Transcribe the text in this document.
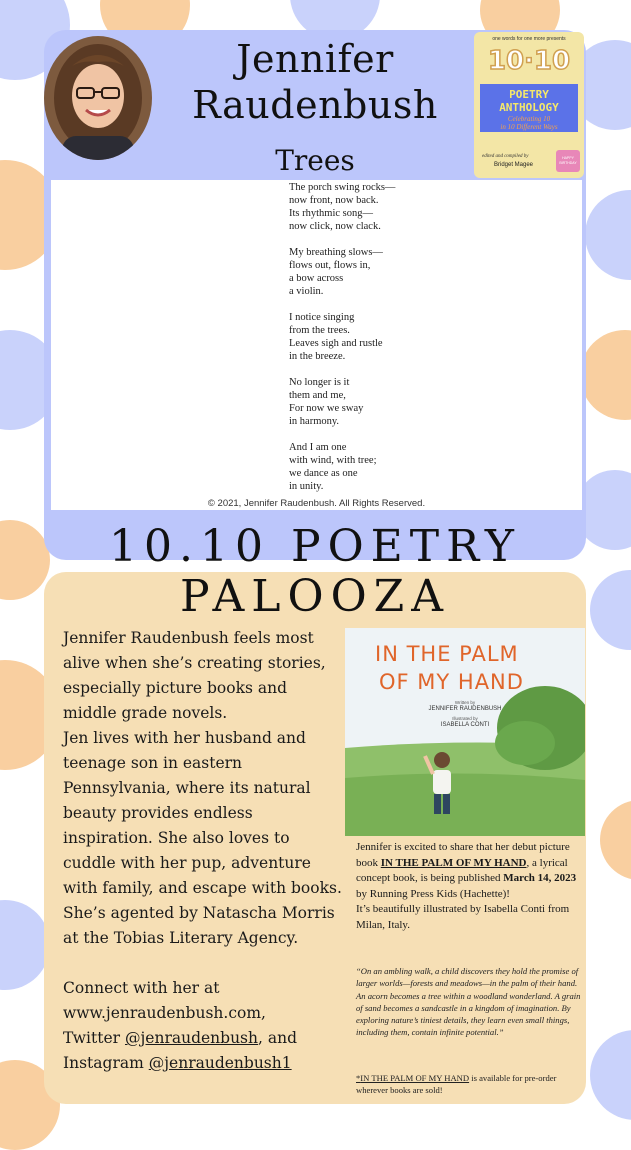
Jennifer
Raudenbush
Trees
one words for one more presents
10·10
POETRY
ANTHOLOGY
Celebrating 10
in 10 Different Ways
edited and compiled by
Bridget Magee
HAPPY BIRTHDAY
The porch swing rocks—
now front, now back.
Its rhythmic song—
now click, now clack.
My breathing slows—
flows out, flows in,
a bow across
a violin.
I notice singing
from the trees.
Leaves sigh and rustle
in the breeze.
No longer is it
them and me,
For now we sway
in harmony.
And I am one
with wind, with tree;
we dance as one
in unity.
© 2021, Jennifer Raudenbush. All Rights Reserved.
10.10 POETRY
PALOOZA

Jennifer Raudenbush feels most alive when she’s creating stories, especially picture books and middle grade novels.

Jen lives with her husband and teenage son in eastern Pennsylvania, where its natural beauty provides endless inspiration. She also loves to cuddle with her pup, adventure with family, and escape with books.

She’s agented by Natascha Morris at the Tobias Literary Agency.

Connect with her at

www.jenraudenbush.com,

Twitter @jenraudenbush, and

Instagram @jenraudenbush1

IN THE PALM
OF MY HAND
Written by
JENNIFER RAUDENBUSH
Illustrated by
ISABELLA CONTI
Jennifer is excited to share that her debut picture book IN THE PALM OF MY HAND, a lyrical concept book, is being published March 14, 2023 by Running Press Kids (Hachette)!
It’s beautifully illustrated by Isabella Conti from Milan, Italy.
“On an ambling walk, a child discovers they hold the promise of larger worlds—forests and meadows—in the palm of their hand. An acorn becomes a tree within a woodland wonderland. A grain of sand becomes a sandcastle in a kingdom of imagination. By exploring nature’s tiniest details, they learn even small things, including them, contain infinite potential.”
*IN THE PALM OF MY HAND is available for pre-order wherever books are sold!
